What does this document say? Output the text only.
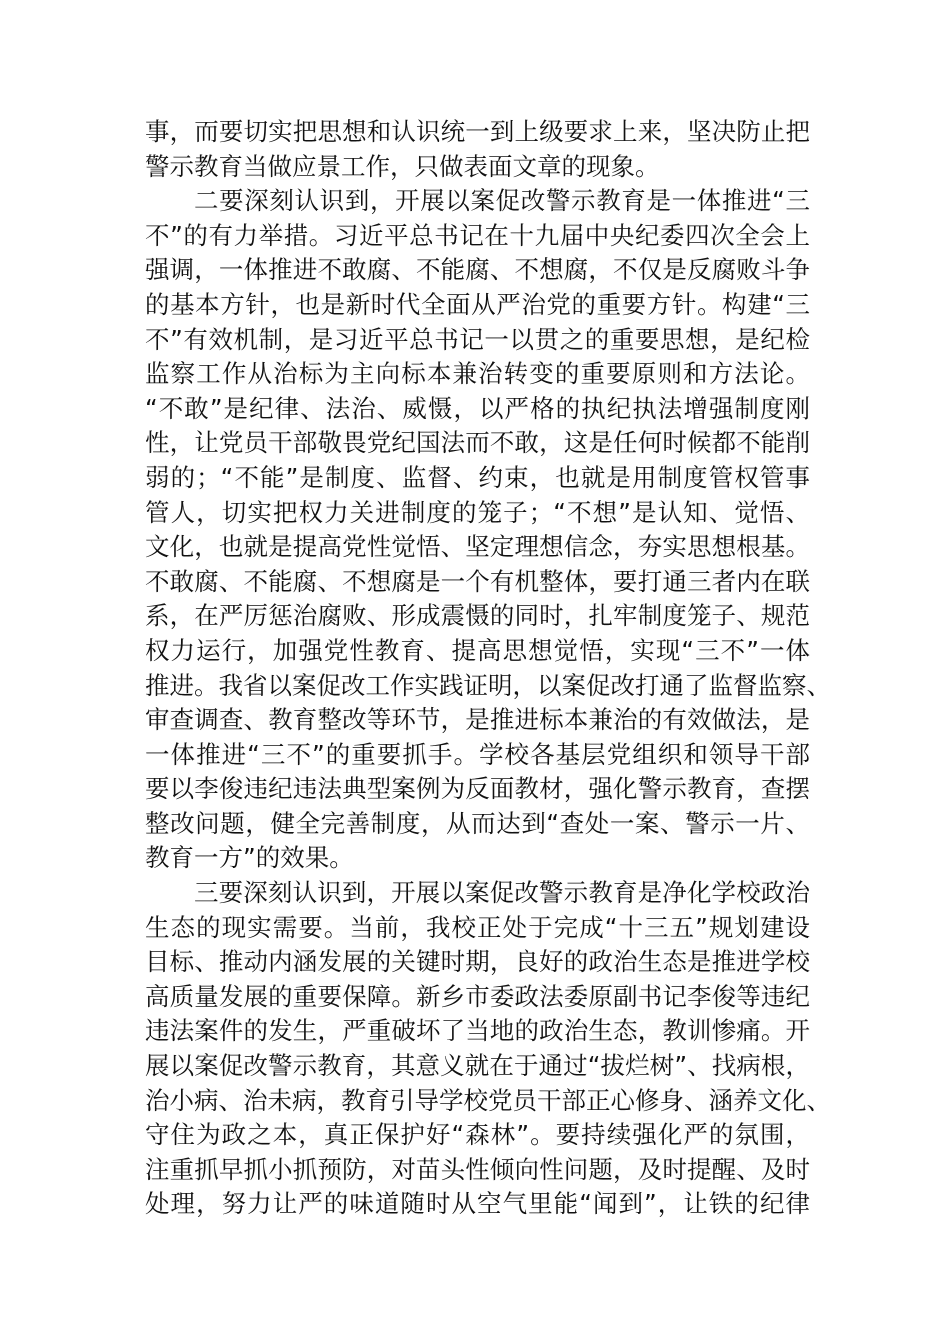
事，而要切实把思想和认识统一到上级要求上来，坚决防止把
警示教育当做应景工作，只做表面文章的现象。
二要深刻认识到，开展以案促改警示教育是一体推进“三
不”的有力举措。习近平总书记在十九届中央纪委四次全会上
强调，一体推进不敢腐、不能腐、不想腐，不仅是反腐败斗争
的基本方针，也是新时代全面从严治党的重要方针。构建“三
不”有效机制，是习近平总书记一以贯之的重要思想，是纪检
监察工作从治标为主向标本兼治转变的重要原则和方法论。
“不敢”是纪律、法治、威慑，以严格的执纪执法增强制度刚
性，让党员干部敬畏党纪国法而不敢，这是任何时候都不能削
弱的；“不能”是制度、监督、约束，也就是用制度管权管事
管人，切实把权力关进制度的笼子；“不想”是认知、觉悟、
文化，也就是提高党性觉悟、坚定理想信念，夯实思想根基。
不敢腐、不能腐、不想腐是一个有机整体，要打通三者内在联
系，在严厉惩治腐败、形成震慑的同时，扎牢制度笼子、规范
权力运行，加强党性教育、提高思想觉悟，实现“三不”一体
推进。我省以案促改工作实践证明，以案促改打通了监督监察、
审查调查、教育整改等环节，是推进标本兼治的有效做法，是
一体推进“三不”的重要抓手。学校各基层党组织和领导干部
要以李俊违纪违法典型案例为反面教材，强化警示教育，查摆
整改问题，健全完善制度，从而达到“查处一案、警示一片、
教育一方”的效果。
三要深刻认识到，开展以案促改警示教育是净化学校政治
生态的现实需要。当前，我校正处于完成“十三五”规划建设
目标、推动内涵发展的关键时期，良好的政治生态是推进学校
高质量发展的重要保障。新乡市委政法委原副书记李俊等违纪
违法案件的发生，严重破坏了当地的政治生态，教训惨痛。开
展以案促改警示教育，其意义就在于通过“拔烂树”、找病根，
治小病、治未病，教育引导学校党员干部正心修身、涵养文化、
守住为政之本，真正保护好“森林”。要持续强化严的氛围，
注重抓早抓小抓预防，对苗头性倾向性问题，及时提醒、及时
处理，努力让严的味道随时从空气里能“闻到”，让铁的纪律
